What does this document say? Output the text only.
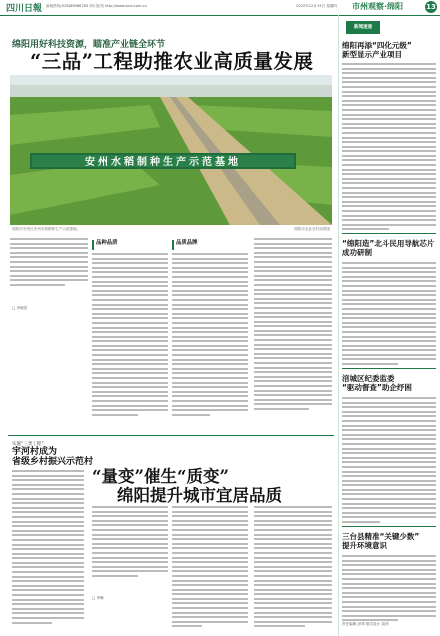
四川日報 新闻热线(028)86968763 四川在线 http://www.scol.com.cn	2022年12月15日 星期四 市州观察·绵阳	13
绵阳用好科技资源，瞄准产业链全环节
“三品”工程助推农业高质量发展
安州水稻制种生产示范基地
绵阳市安州区安州水稻制种生产示范基地。	绵阳市农业农村局供图
□ 李晓星
品种品质	品质品牌
实施“三类工程”
宇河村成为
省级乡村振兴示范村
“量变”催生“质变”
绵阳提升城市宜居品质
□ 李琳
新闻速递
绵阳再添“四化元级”
新型显示产业项目
“绵阳造”北斗民用导航芯片
成功研制
涪城区纪委监委
“驱动督查”助企纾困
三台县精准“关键少数”
提升环境意识
责任编辑 彭靖 版式设计 周萍
